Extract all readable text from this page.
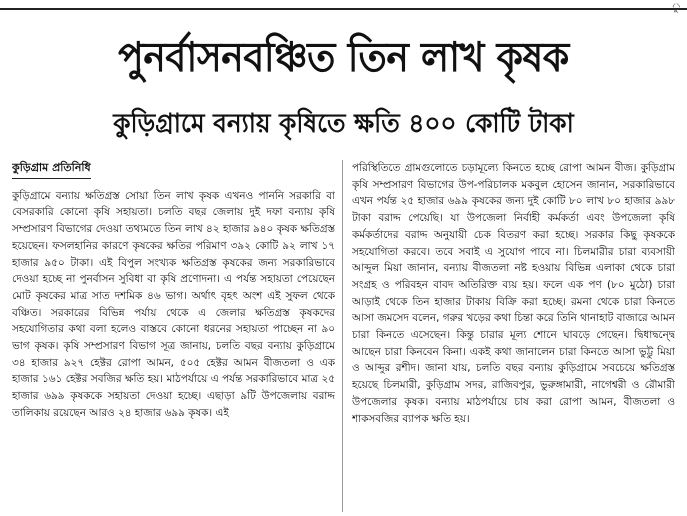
ু
পুনর্বাসনবঞ্চিত তিন লাখ কৃষক
কুড়িগ্রামে বন্যায় কৃষিতে ক্ষতি ৪০০ কোটি টাকা
কুড়িগ্রাম প্রতিনিধি

কুড়িগ্রামে বন্যায় ক্ষতিগ্রস্ত সোয়া তিন লাখ কৃষক এখনও পাননি সরকারি বা বেসরকারি কোনো কৃষি সহায়তা। চলতি বছর জেলায় দুই দফা বন্যায় কৃষি সম্প্রসারণ বিভাগের দেওয়া তথ্যমতে তিন লাখ ৪২ হাজার ৯৪০ কৃষক ক্ষতিগ্রস্ত হয়েছেন। ফসলহানির কারণে কৃষকের ক্ষতির পরিমাণ ৩৯২ কোটি ৯২ লাখ ১৭ হাজার ৯৫০ টাকা। এই বিপুল সংখ্যক ক্ষতিগ্রস্ত কৃষকের জন্য সরকারিভাবে দেওয়া হচ্ছে না পুনর্বাসন সুবিধা বা কৃষি প্রণোদনা। এ পর্যন্ত সহায়তা পেয়েছেন মোট কৃষকের মাত্র সাত দশমিক ৪৬ ভাগ। অর্থাৎ বৃহৎ অংশ এই সুফল থেকে বঞ্চিত। সরকারের বিভিন্ন পর্যায় থেকে এ জেলার ক্ষতিগ্রস্ত কৃষকদের সহযোগিতার কথা বলা হলেও বাস্তবে কোনো ধরনের সহায়তা পাচ্ছেন না ৯০ ভাগ কৃষক। কৃষি সম্প্রসারণ বিভাগ সূত্র জানায়, চলতি বছর বন্যায় কুড়িগ্রামে ৩৪ হাজার ৯২৭ হেক্টর রোপা আমন, ৫০৫ হেক্টর আমন বীজতলা ও এক হাজার ১৬১ হেক্টর সবজির ক্ষতি হয়। মাঠপর্যায়ে এ পর্যন্ত সরকারিভাবে মাত্র ২৫ হাজার ৬৯৯ কৃষককে সহায়তা দেওয়া হচ্ছে। এছাড়া ৯টি উপজেলায় বরাদ্দ তালিকায় রয়েছেন আরও ২৪ হাজার ৬৯৯ কৃষক। এই

পরিস্থিতিতে গ্রামগুলোতে চড়ামূল্যে কিনতে হচ্ছে রোপা আমন বীজ। কুড়িগ্রাম কৃষি সম্প্রসারণ বিভাগের উপ-পরিচালক মকবুল হোসেন জানান, সরকারিভাবে এখন পর্যন্ত ২৫ হাজার ৬৯৯ কৃষকের জন্য দুই কোটি ৮০ লাখ ৮০ হাজার ৯৯৮ টাকা বরাদ্দ পেয়েছি। যা উপজেলা নির্বাহী কর্মকর্তা এবং উপজেলা কৃষি কর্মকর্তাদের বরাদ্দ অনুযায়ী চেক বিতরণ করা হচ্ছে। সরকার কিছু কৃষককে সহযোগিতা করবে। তবে সবাই এ সুযোগ পাবে না। চিলমারীর চারা ব্যবসায়ী আব্দুল মিয়া জানান, বন্যায় বীজতলা নষ্ট হওয়ায় বিভিন্ন এলাকা থেকে চারা সংগ্রহ ও পরিবহন বাবদ অতিরিক্ত ব্যয় হয়। ফলে এক পণ (৮০ মুঠো) চারা আড়াই থেকে তিন হাজার টাকায় বিক্রি করা হচ্ছে। রমনা থেকে চারা কিনতে আসা জমসেদ বলেন, গরুর খড়ের কথা চিন্তা করে তিনি থানাহাট বাজারে আমন চারা কিনতে এসেছেন। কিন্তু চারার মূল্য শোনে ঘাবড়ে গেছেন। দ্বিধাদ্বন্দ্বে আছেন চারা কিনবেন কিনা। একই কথা জানালেন চারা কিনতে আসা ভুট্টু মিয়া ও আব্দুর রশীদ। জানা যায়, চলতি বছর বন্যায় কুড়িগ্রামে সবচেয়ে ক্ষতিগ্রস্ত হয়েছে চিলমারী, কুড়িগ্রাম সদর, রাজিবপুর, ভুরুঙ্গামারী, নাগেশ্বরী ও রৌমারী উপজেলার কৃষক। বন্যায় মাঠপর্যায়ে চাষ করা রোপা আমন, বীজতলা ও শাকসবজির ব্যাপক ক্ষতি হয়।
